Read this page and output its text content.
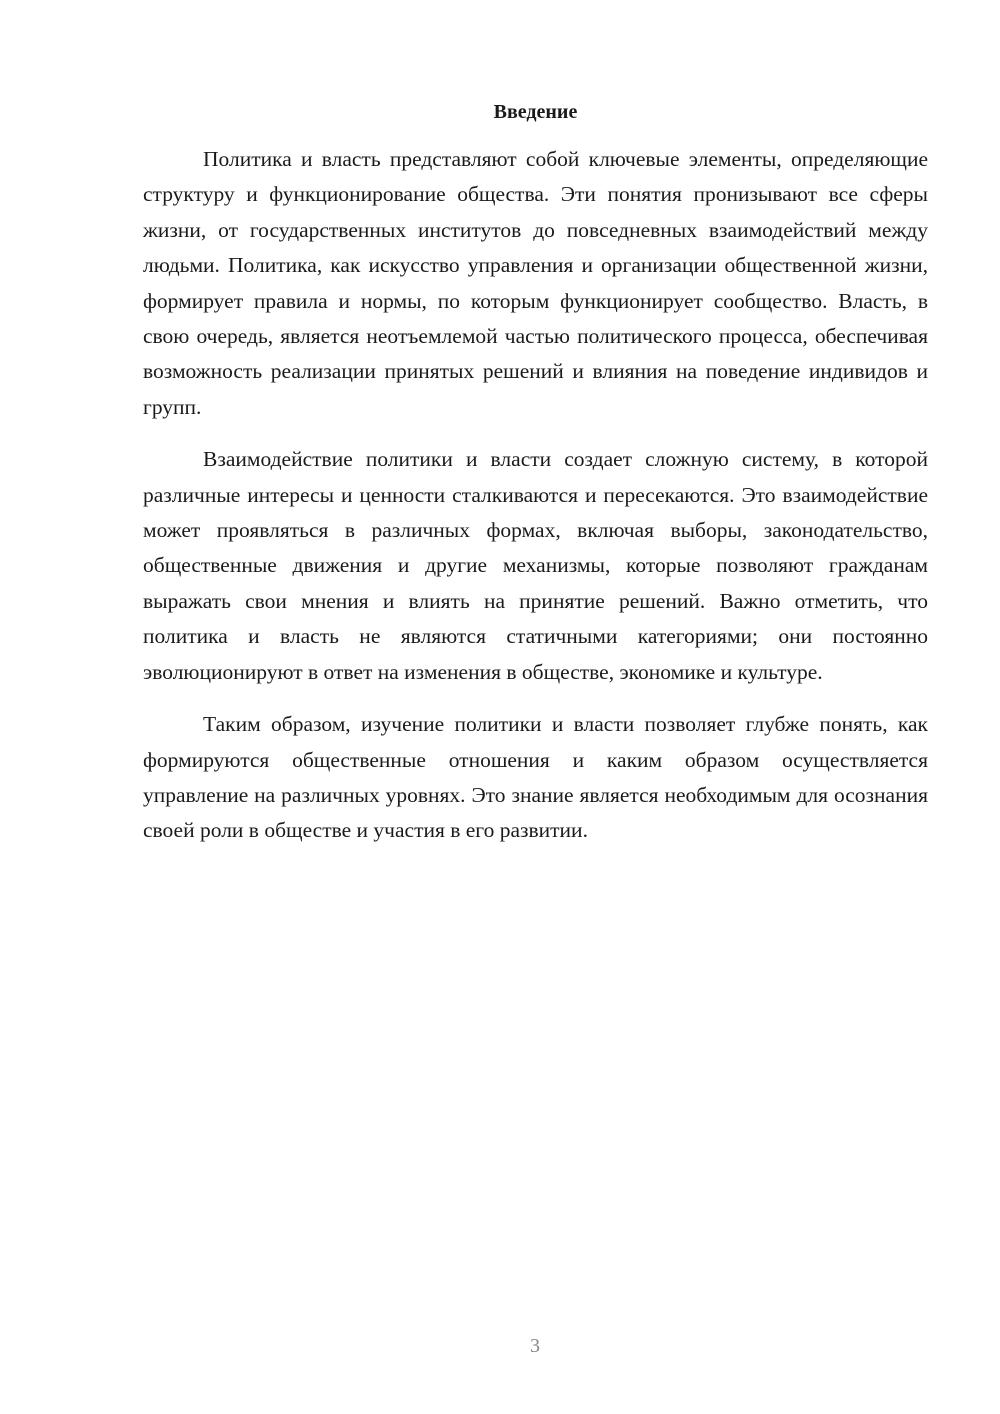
Введение

Политика и власть представляют собой ключевые элементы, определяющие структуру и функционирование общества. Эти понятия пронизывают все сферы жизни, от государственных институтов до повседневных взаимодействий между людьми. Политика, как искусство управления и организации общественной жизни, формирует правила и нормы, по которым функционирует сообщество. Власть, в свою очередь, является неотъемлемой частью политического процесса, обеспечивая возможность реализации принятых решений и влияния на поведение индивидов и групп.

Взаимодействие политики и власти создает сложную систему, в которой различные интересы и ценности сталкиваются и пересекаются. Это взаимодействие может проявляться в различных формах, включая выборы, законодательство, общественные движения и другие механизмы, которые позволяют гражданам выражать свои мнения и влиять на принятие решений. Важно отметить, что политика и власть не являются статичными категориями; они постоянно эволюционируют в ответ на изменения в обществе, экономике и культуре.

Таким образом, изучение политики и власти позволяет глубже понять, как формируются общественные отношения и каким образом осуществляется управление на различных уровнях. Это знание является необходимым для осознания своей роли в обществе и участия в его развитии.

3
